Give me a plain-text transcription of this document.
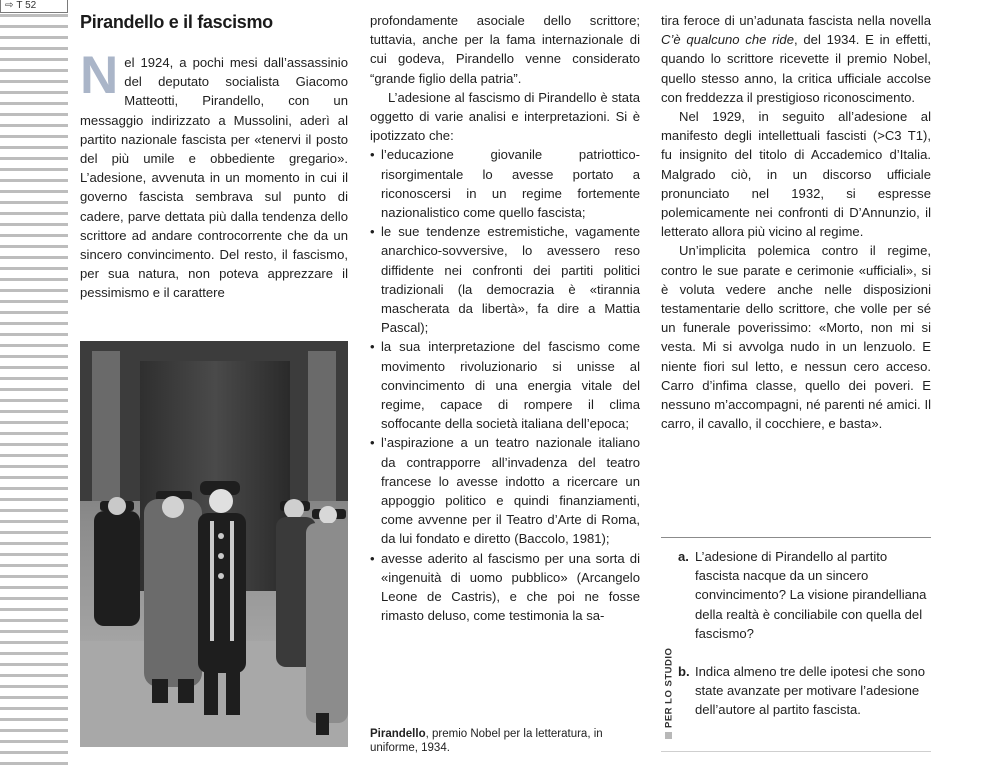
⇨ T 52
Pirandello e il fascismo

Nel 1924, a pochi mesi dall’assassinio del deputato socialista Giacomo Matteotti, Pirandello, con un messaggio indirizzato a Mussolini, aderì al partito nazionale fascista per «tenervi il posto del più umile e obbediente gregario». L’adesione, avvenuta in un momento in cui il governo fascista sembrava sul punto di cadere, parve dettata più dalla tendenza dello scrittore ad andare controcorrente che da un sincero convincimento. Del resto, il fascismo, per sua natura, non poteva apprezzare il pessimismo e il carattere

profondamente asociale dello scrittore; tuttavia, anche per la fama internazionale di cui godeva, Pirandello venne considerato “grande figlio della patria”.

L’adesione al fascismo di Pirandello è stata oggetto di varie analisi e interpretazioni. Si è ipotizzato che:

• l’educazione giovanile patriottico-risorgimentale lo avesse portato a riconoscersi in un regime fortemente nazionalistico come quello fascista;
• le sue tendenze estremistiche, vagamente anarchico-sovversive, lo avessero reso diffidente nei confronti dei partiti politici tradizionali (la democrazia è «tirannia mascherata da libertà», fa dire a Mattia Pascal);
• la sua interpretazione del fascismo come movimento rivoluzionario si unisse al convincimento di una energia vitale del regime, capace di rompere il clima soffocante della società italiana dell’epoca;
• l’aspirazione a un teatro nazionale italiano da contrapporre all’invadenza del teatro francese lo avesse indotto a ricercare un appoggio politico e quindi finanziamenti, come avvenne per il Teatro d’Arte di Roma, da lui fondato e diretto (Baccolo, 1981);
• avesse aderito al fascismo per una sorta di «ingenuità di uomo pubblico» (Arcangelo Leone de Castris), e che poi ne fosse rimasto deluso, come testimonia la sa-

Pirandello, premio Nobel per la letteratura, in uniforme, 1934.

tira feroce di un’adunata fascista nella novella C’è qualcuno che ride, del 1934. E in effetti, quando lo scrittore ricevette il premio Nobel, quello stesso anno, la critica ufficiale accolse con freddezza il prestigioso riconoscimento.

Nel 1929, in seguito all’adesione al manifesto degli intellettuali fascisti (>C3 T1), fu insignito del titolo di Accademico d’Italia. Malgrado ciò, in un discorso ufficiale pronunciato nel 1932, si espresse polemicamente nei confronti di D’Annunzio, il letterato allora più vicino al regime.

Un’implicita polemica contro il regime, contro le sue parate e cerimonie «ufficiali», si è voluta vedere anche nelle disposizioni testamentarie dello scrittore, che volle per sé un funerale poverissimo: «Morto, non mi si vesta. Mi si avvolga nudo in un lenzuolo. E niente fiori sul letto, e nessun cero acceso. Carro d’infima classe, quello dei poveri. E nessuno m’accompagni, né parenti né amici. Il carro, il cavallo, il cocchiere, e basta».

PER LO STUDIO
a. L’adesione di Pirandello al partito fascista nacque da un sincero convincimento? La visione pirandelliana della realtà è conciliabile con quella del fascismo?
b. Indica almeno tre delle ipotesi che sono state avanzate per motivare l’adesione dell’autore al partito fascista.
